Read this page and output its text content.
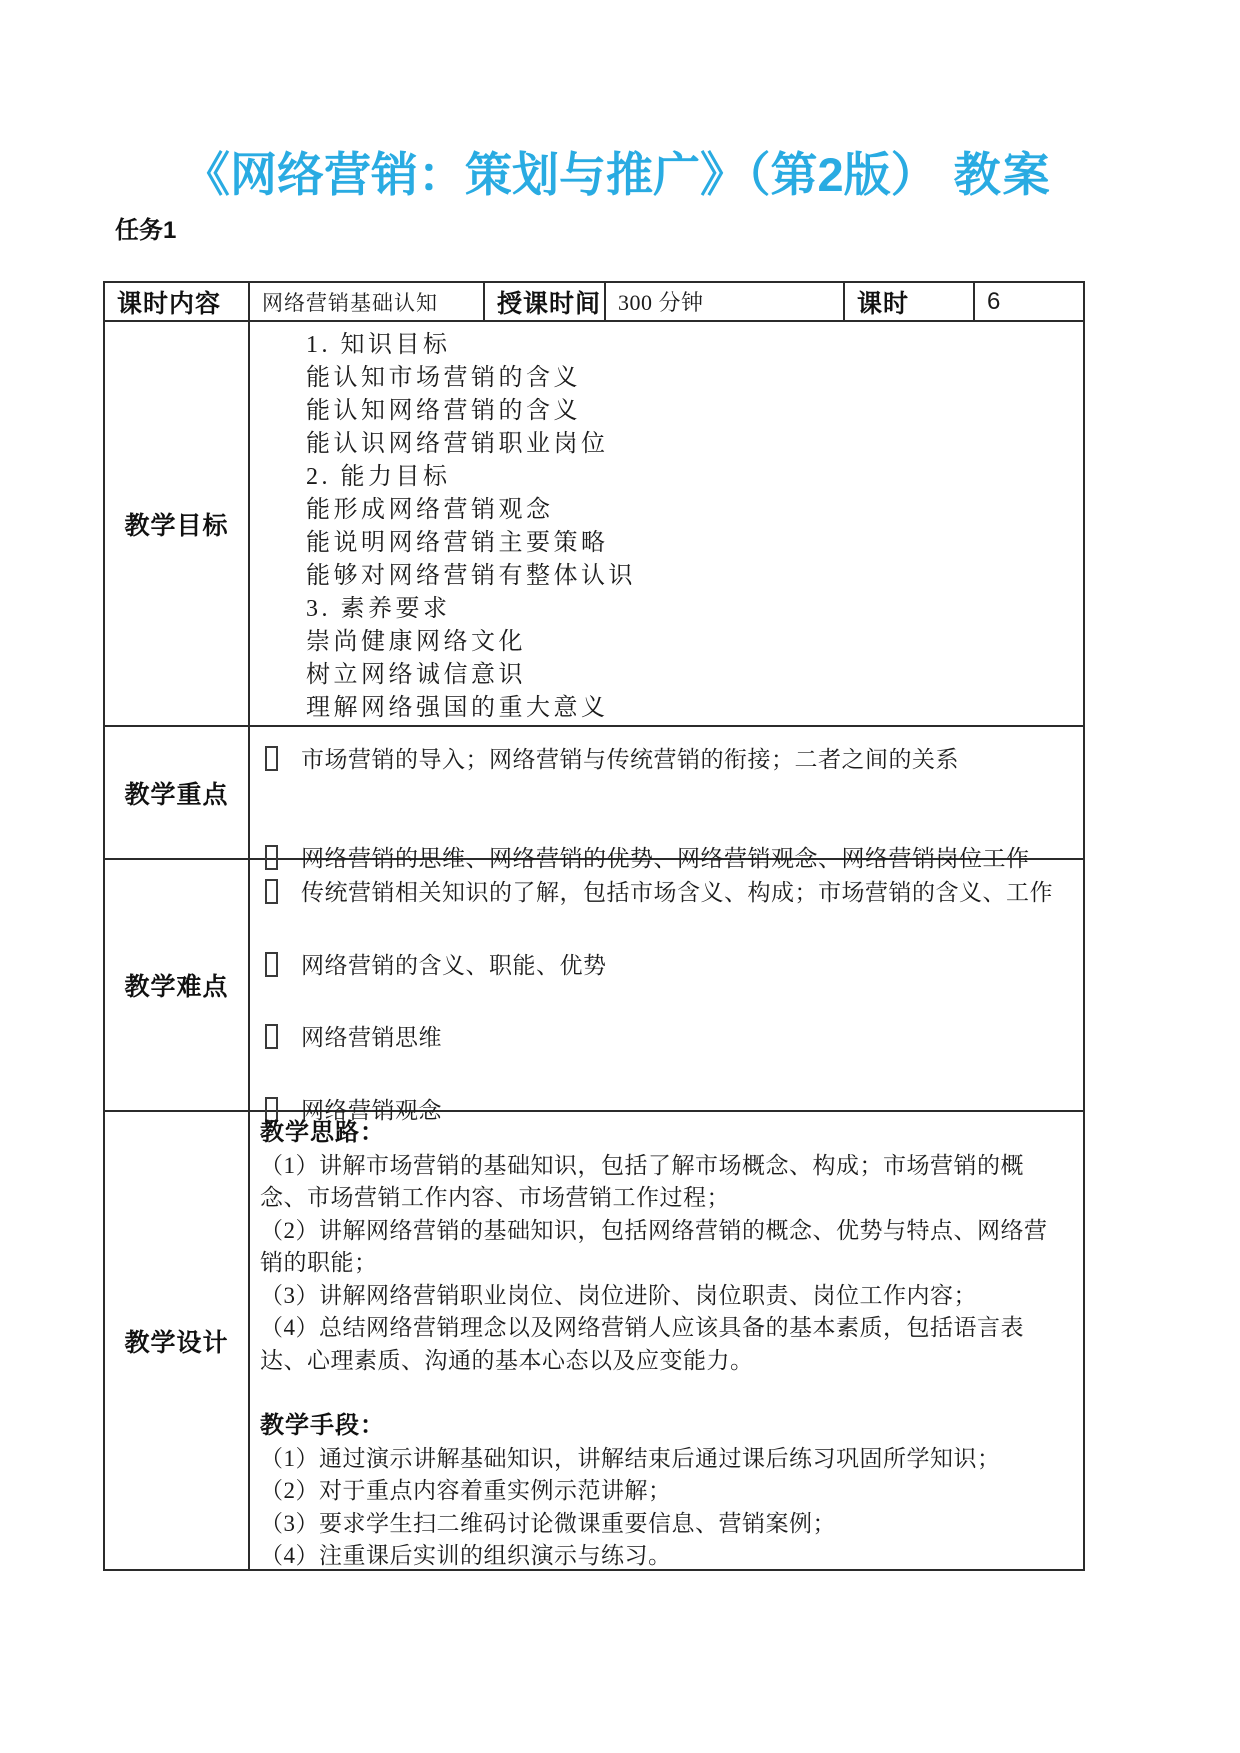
《网络营销：策划与推广》（第2版） 教案
任务1
课时内容 网络营销基础认知 授课时间 300 分钟	课时	6
教学目标
1. 知识目标
能认知市场营销的含义
能认知网络营销的含义
能认识网络营销职业岗位
2. 能力目标
能形成网络营销观念
能说明网络营销主要策略
能够对网络营销有整体认识
3. 素养要求
崇尚健康网络文化
树立网络诚信意识
理解网络强国的重大意义
教学重点
市场营销的导入；网络营销与传统营销的衔接；二者之间的关系
网络营销的思维、网络营销的优势、网络营销观念、网络营销岗位工作
教学难点
传统营销相关知识的了解，包括市场含义、构成；市场营销的含义、工作
网络营销的含义、职能、优势
网络营销思维
网络营销观念
教学设计
教学思路：

（1）讲解市场营销的基础知识，包括了解市场概念、构成；市场营销的概念、市场营销工作内容、市场营销工作过程；

（2）讲解网络营销的基础知识，包括网络营销的概念、优势与特点、网络营销的职能；

（3）讲解网络营销职业岗位、岗位进阶、岗位职责、岗位工作内容；

（4）总结网络营销理念以及网络营销人应该具备的基本素质，包括语言表达、心理素质、沟通的基本心态以及应变能力。

教学手段：

（1）通过演示讲解基础知识，讲解结束后通过课后练习巩固所学知识；

（2）对于重点内容着重实例示范讲解；

（3）要求学生扫二维码讨论微课重要信息、营销案例；

（4）注重课后实训的组织演示与练习。
